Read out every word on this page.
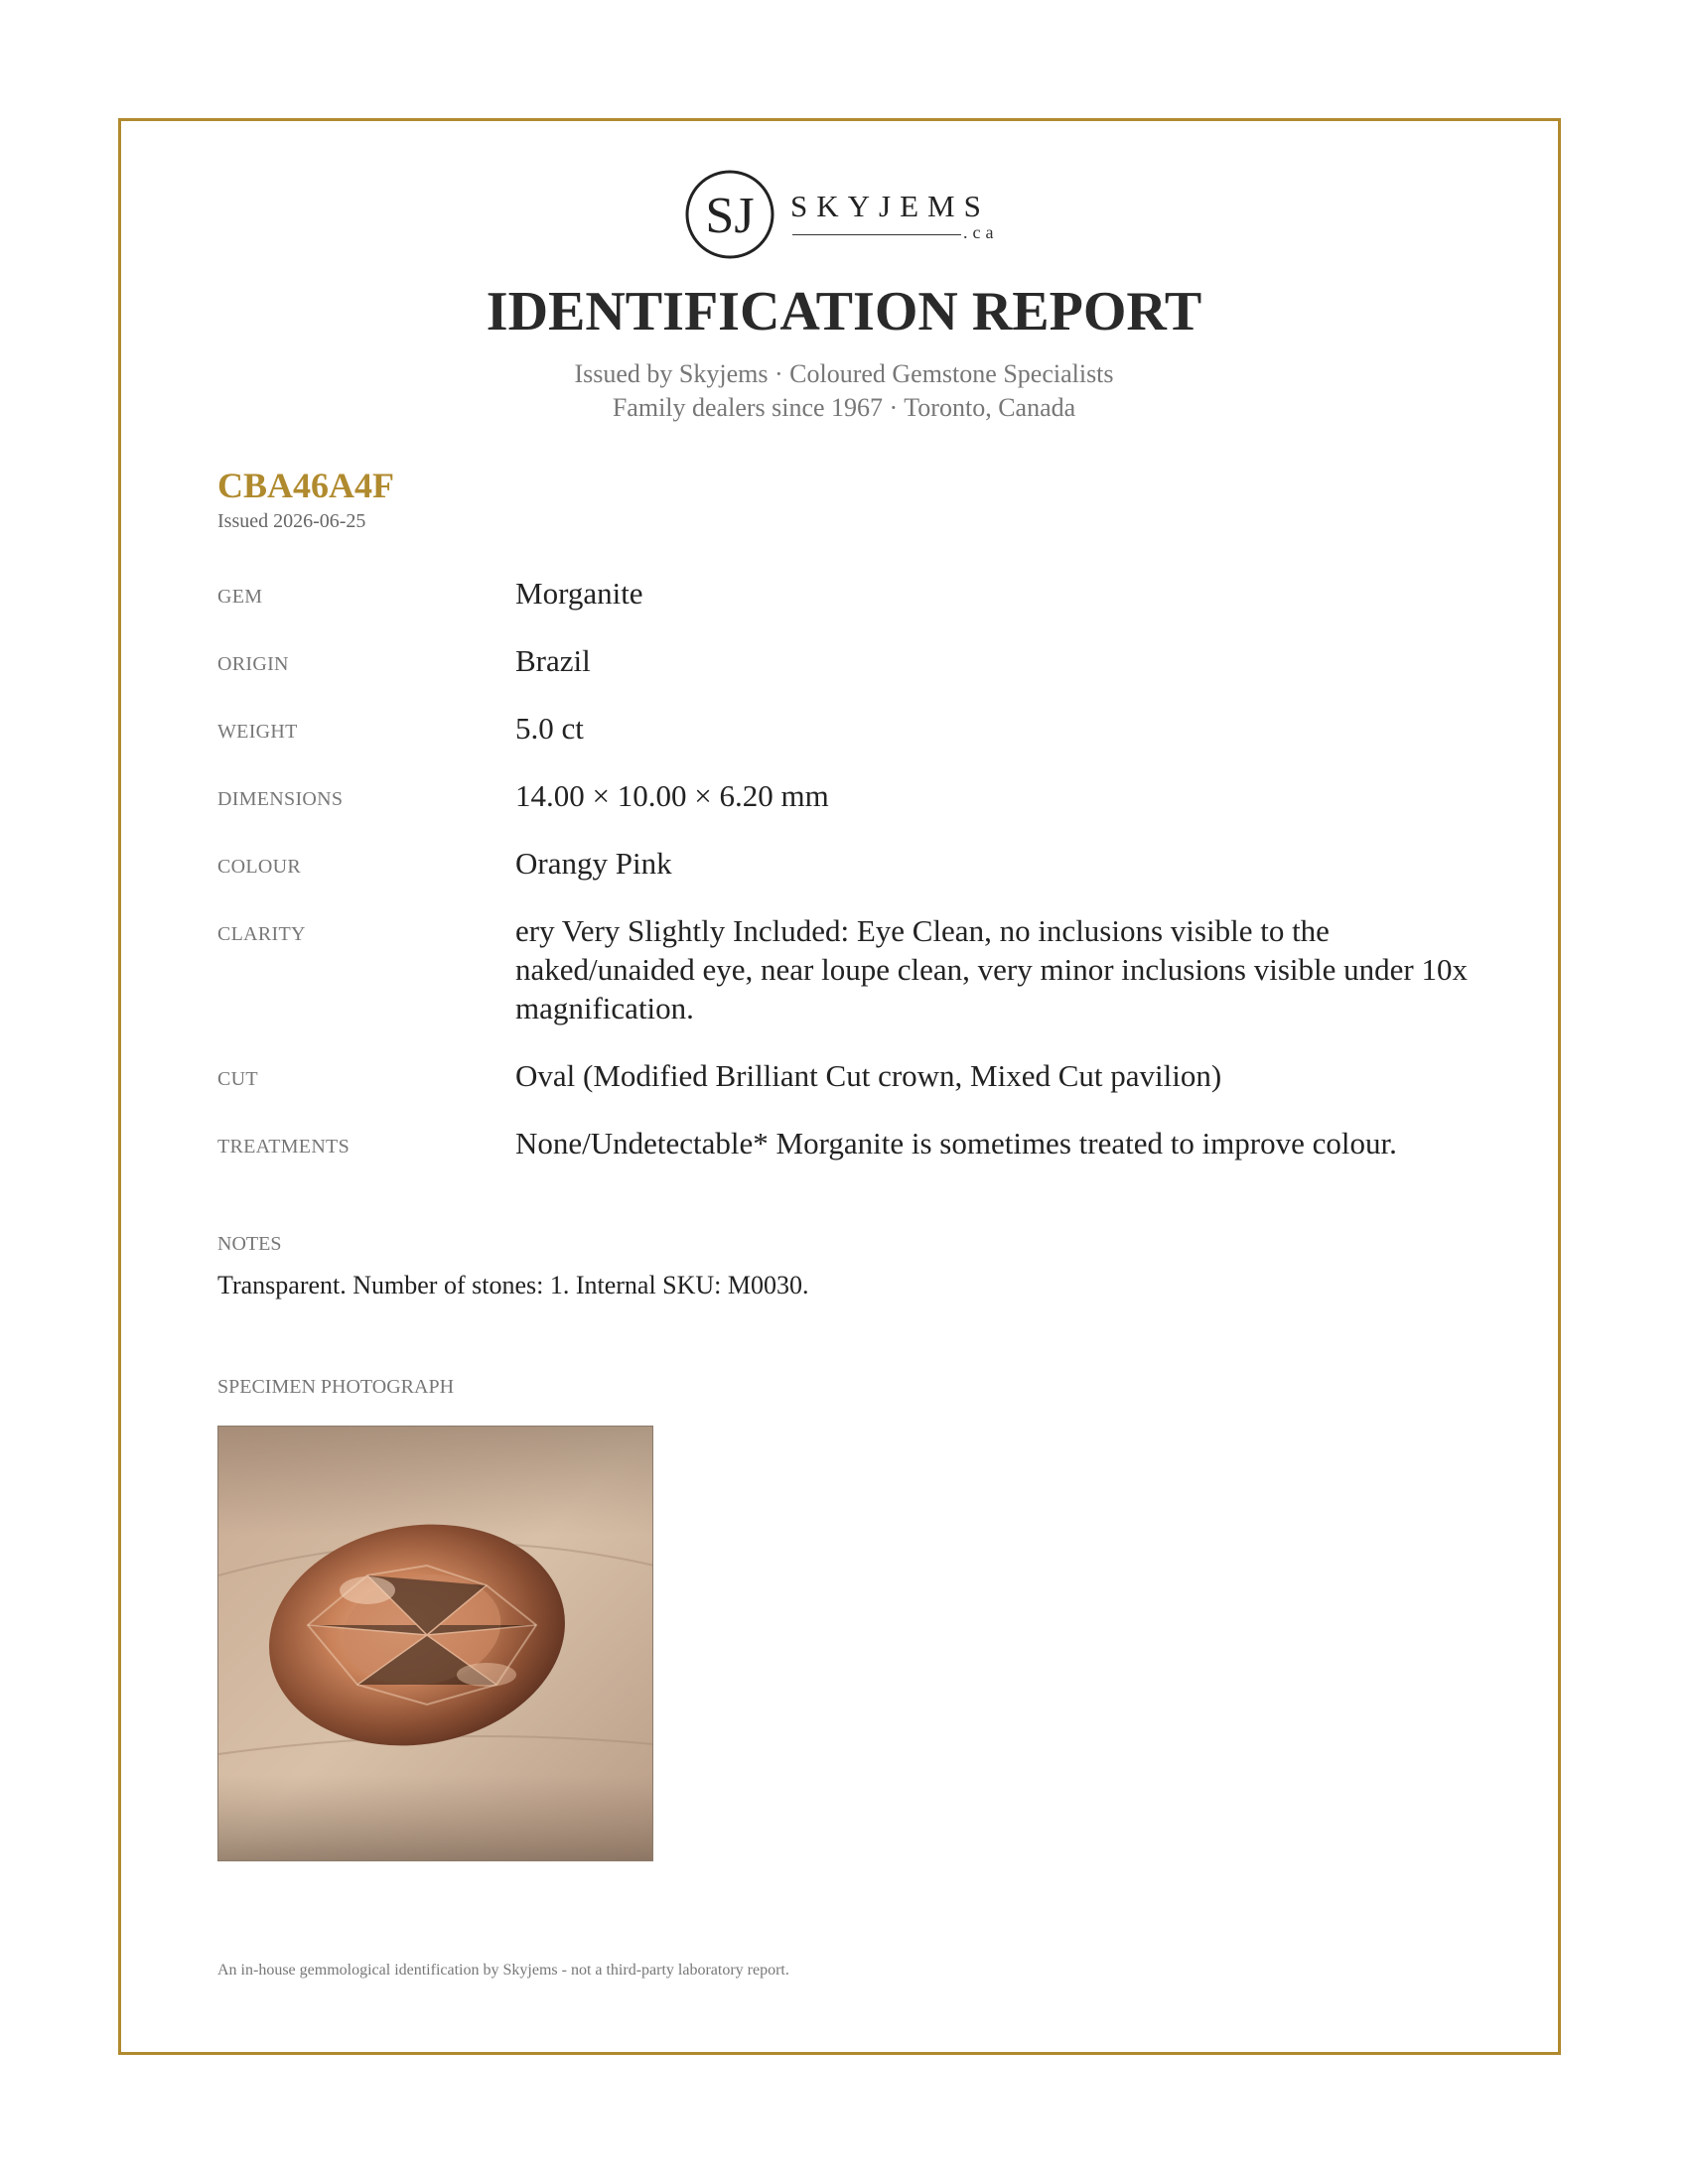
SJ SKYJEMS
.ca
IDENTIFICATION REPORT
Issued by Skyjems · Coloured Gemstone Specialists
Family dealers since 1967 · Toronto, Canada
CBA46A4F
Issued 2026-06-25
GEM	Morganite
ORIGIN	Brazil
WEIGHT	5.0 ct
DIMENSIONS	14.00 × 10.00 × 6.20 mm
COLOUR	Orangy Pink
CLARITY	ery Very Slightly Included: Eye Clean, no inclusions visible to the naked/unaided eye, near loupe clean, very minor inclusions visible under 10x magnification.
CUT	Oval (Modified Brilliant Cut crown, Mixed Cut pavilion)
TREATMENTS	None/Undetectable* Morganite is sometimes treated to improve colour.
NOTES
Transparent. Number of stones: 1. Internal SKU: M0030.
SPECIMEN PHOTOGRAPH
An in-house gemmological identification by Skyjems - not a third-party laboratory report.
